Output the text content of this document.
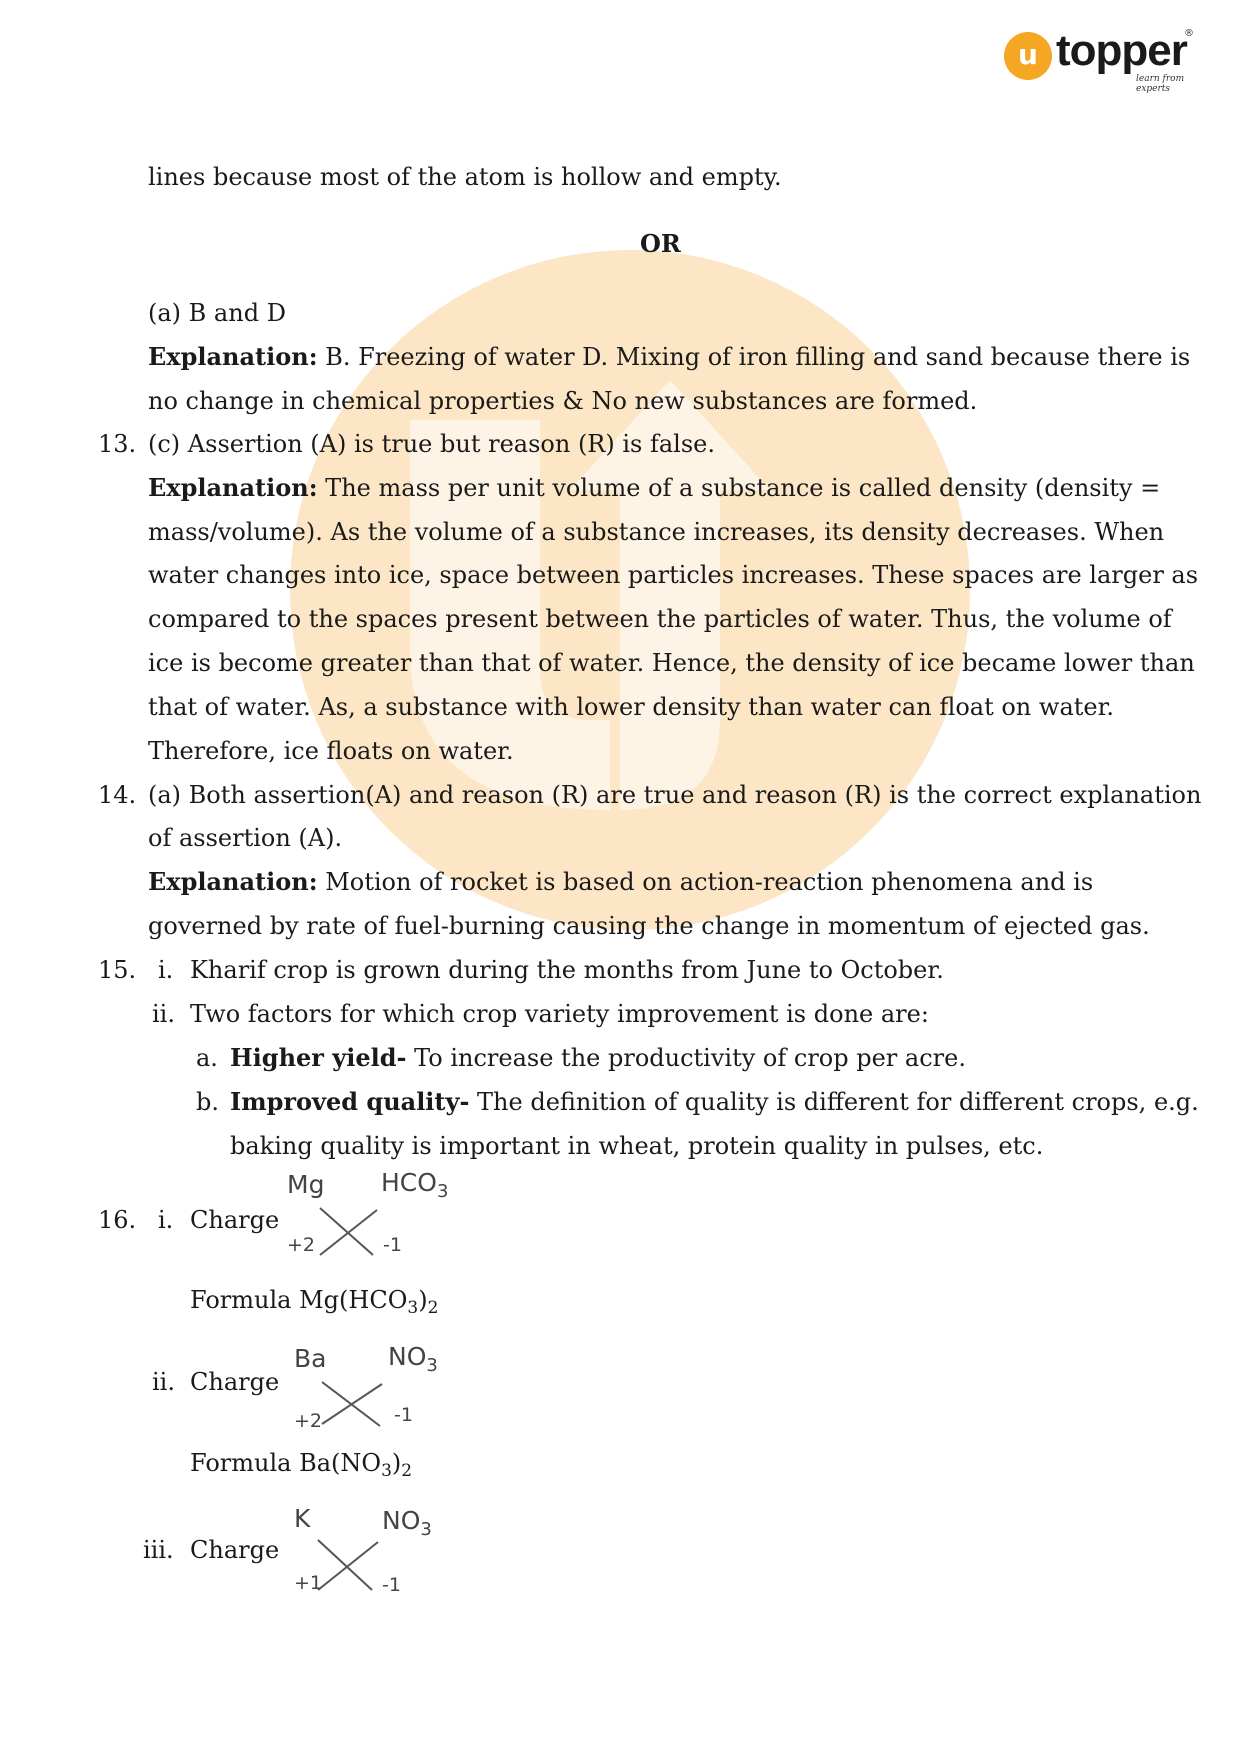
u topper
®
learn from experts
lines because most of the atom is hollow and empty.
OR
(a) B and D
Explanation: B. Freezing of water D. Mixing of iron filling and sand because there is
no change in chemical properties & No new substances are formed.
13. (c) Assertion (A) is true but reason (R) is false.
Explanation: The mass per unit volume of a substance is called density (density =
mass/volume). As the volume of a substance increases, its density decreases. When
water changes into ice, space between particles increases. These spaces are larger as
compared to the spaces present between the particles of water. Thus, the volume of
ice is become greater than that of water. Hence, the density of ice became lower than
that of water. As, a substance with lower density than water can float on water.
Therefore, ice floats on water.
14. (a) Both assertion(A) and reason (R) are true and reason (R) is the correct explanation
of assertion (A).
Explanation: Motion of rocket is based on action-reaction phenomena and is
governed by rate of fuel-burning causing the change in momentum of ejected gas.
15. i. Kharif crop is grown during the months from June to October.
ii. Two factors for which crop variety improvement is done are:
a. Higher yield- To increase the productivity of crop per acre.
b. Improved quality- The definition of quality is different for different crops, e.g.
baking quality is important in wheat, protein quality in pulses, etc.
16. i. Charge
Mg $HCO_3$
+2	-1
Formula $Mg(HCO_3)_2$
ii. Charge
Ba $NO_3$
+2	-1
Formula $Ba(NO_3)_2$
iii. Charge
K	$NO_3$
+1	-1
